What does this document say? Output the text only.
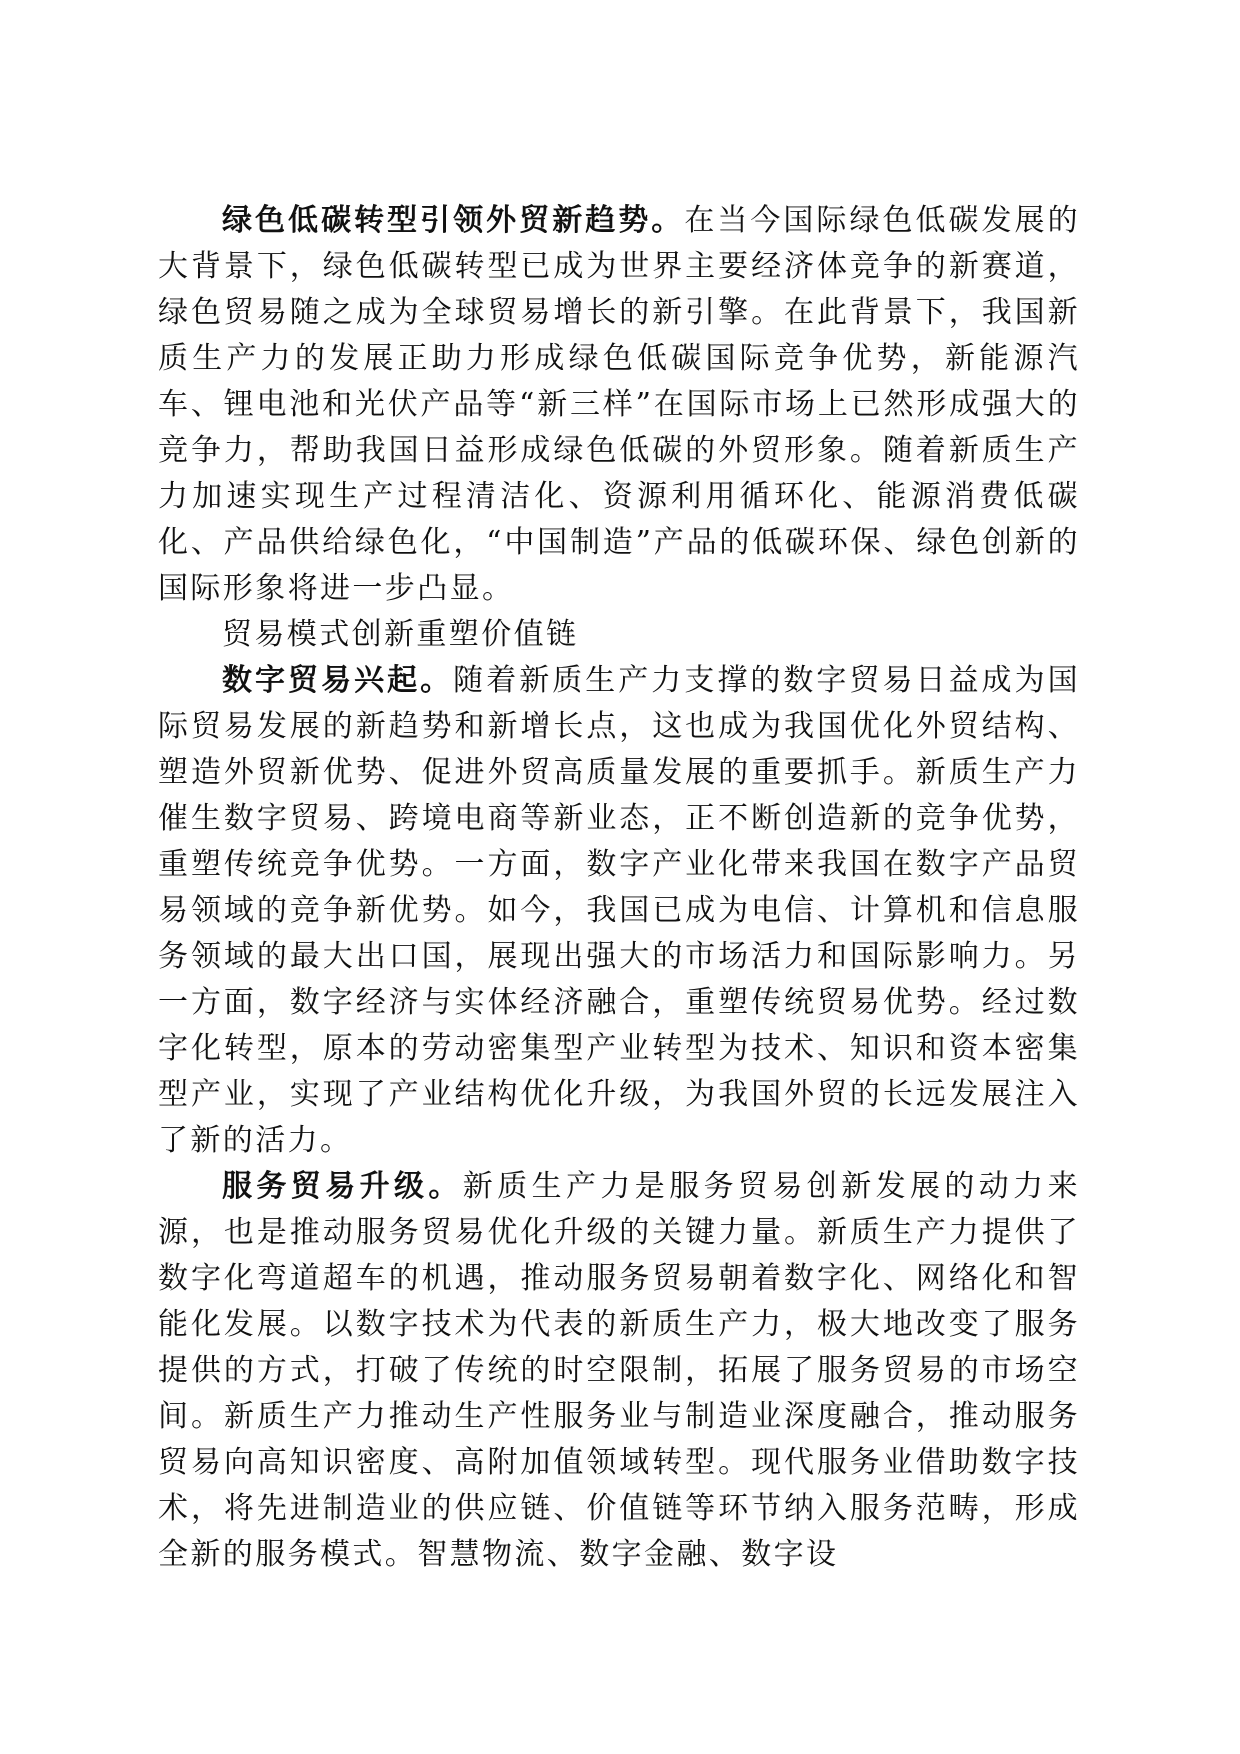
绿色低碳转型引领外贸新趋势。在当今国际绿色低碳发展的大背景下，绿色低碳转型已成为世界主要经济体竞争的新赛道，绿色贸易随之成为全球贸易增长的新引擎。在此背景下，我国新质生产力的发展正助力形成绿色低碳国际竞争优势，新能源汽车、锂电池和光伏产品等“新三样”在国际市场上已然形成强大的竞争力，帮助我国日益形成绿色低碳的外贸形象。随着新质生产力加速实现生产过程清洁化、资源利用循环化、能源消费低碳化、产品供给绿色化，“中国制造”产品的低碳环保、绿色创新的国际形象将进一步凸显。

贸易模式创新重塑价值链

数字贸易兴起。随着新质生产力支撑的数字贸易日益成为国际贸易发展的新趋势和新增长点，这也成为我国优化外贸结构、塑造外贸新优势、促进外贸高质量发展的重要抓手。新质生产力催生数字贸易、跨境电商等新业态，正不断创造新的竞争优势，重塑传统竞争优势。一方面，数字产业化带来我国在数字产品贸易领域的竞争新优势。如今，我国已成为电信、计算机和信息服务领域的最大出口国，展现出强大的市场活力和国际影响力。另一方面，数字经济与实体经济融合，重塑传统贸易优势。经过数字化转型，原本的劳动密集型产业转型为技术、知识和资本密集型产业，实现了产业结构优化升级，为我国外贸的长远发展注入了新的活力。

服务贸易升级。新质生产力是服务贸易创新发展的动力来源，也是推动服务贸易优化升级的关键力量。新质生产力提供了数字化弯道超车的机遇，推动服务贸易朝着数字化、网络化和智能化发展。以数字技术为代表的新质生产力，极大地改变了服务提供的方式，打破了传统的时空限制，拓展了服务贸易的市场空间。新质生产力推动生产性服务业与制造业深度融合，推动服务贸易向高知识密度、高附加值领域转型。现代服务业借助数字技术，将先进制造业的供应链、价值链等环节纳入服务范畴，形成全新的服务模式。智慧物流、数字金融、数字设
